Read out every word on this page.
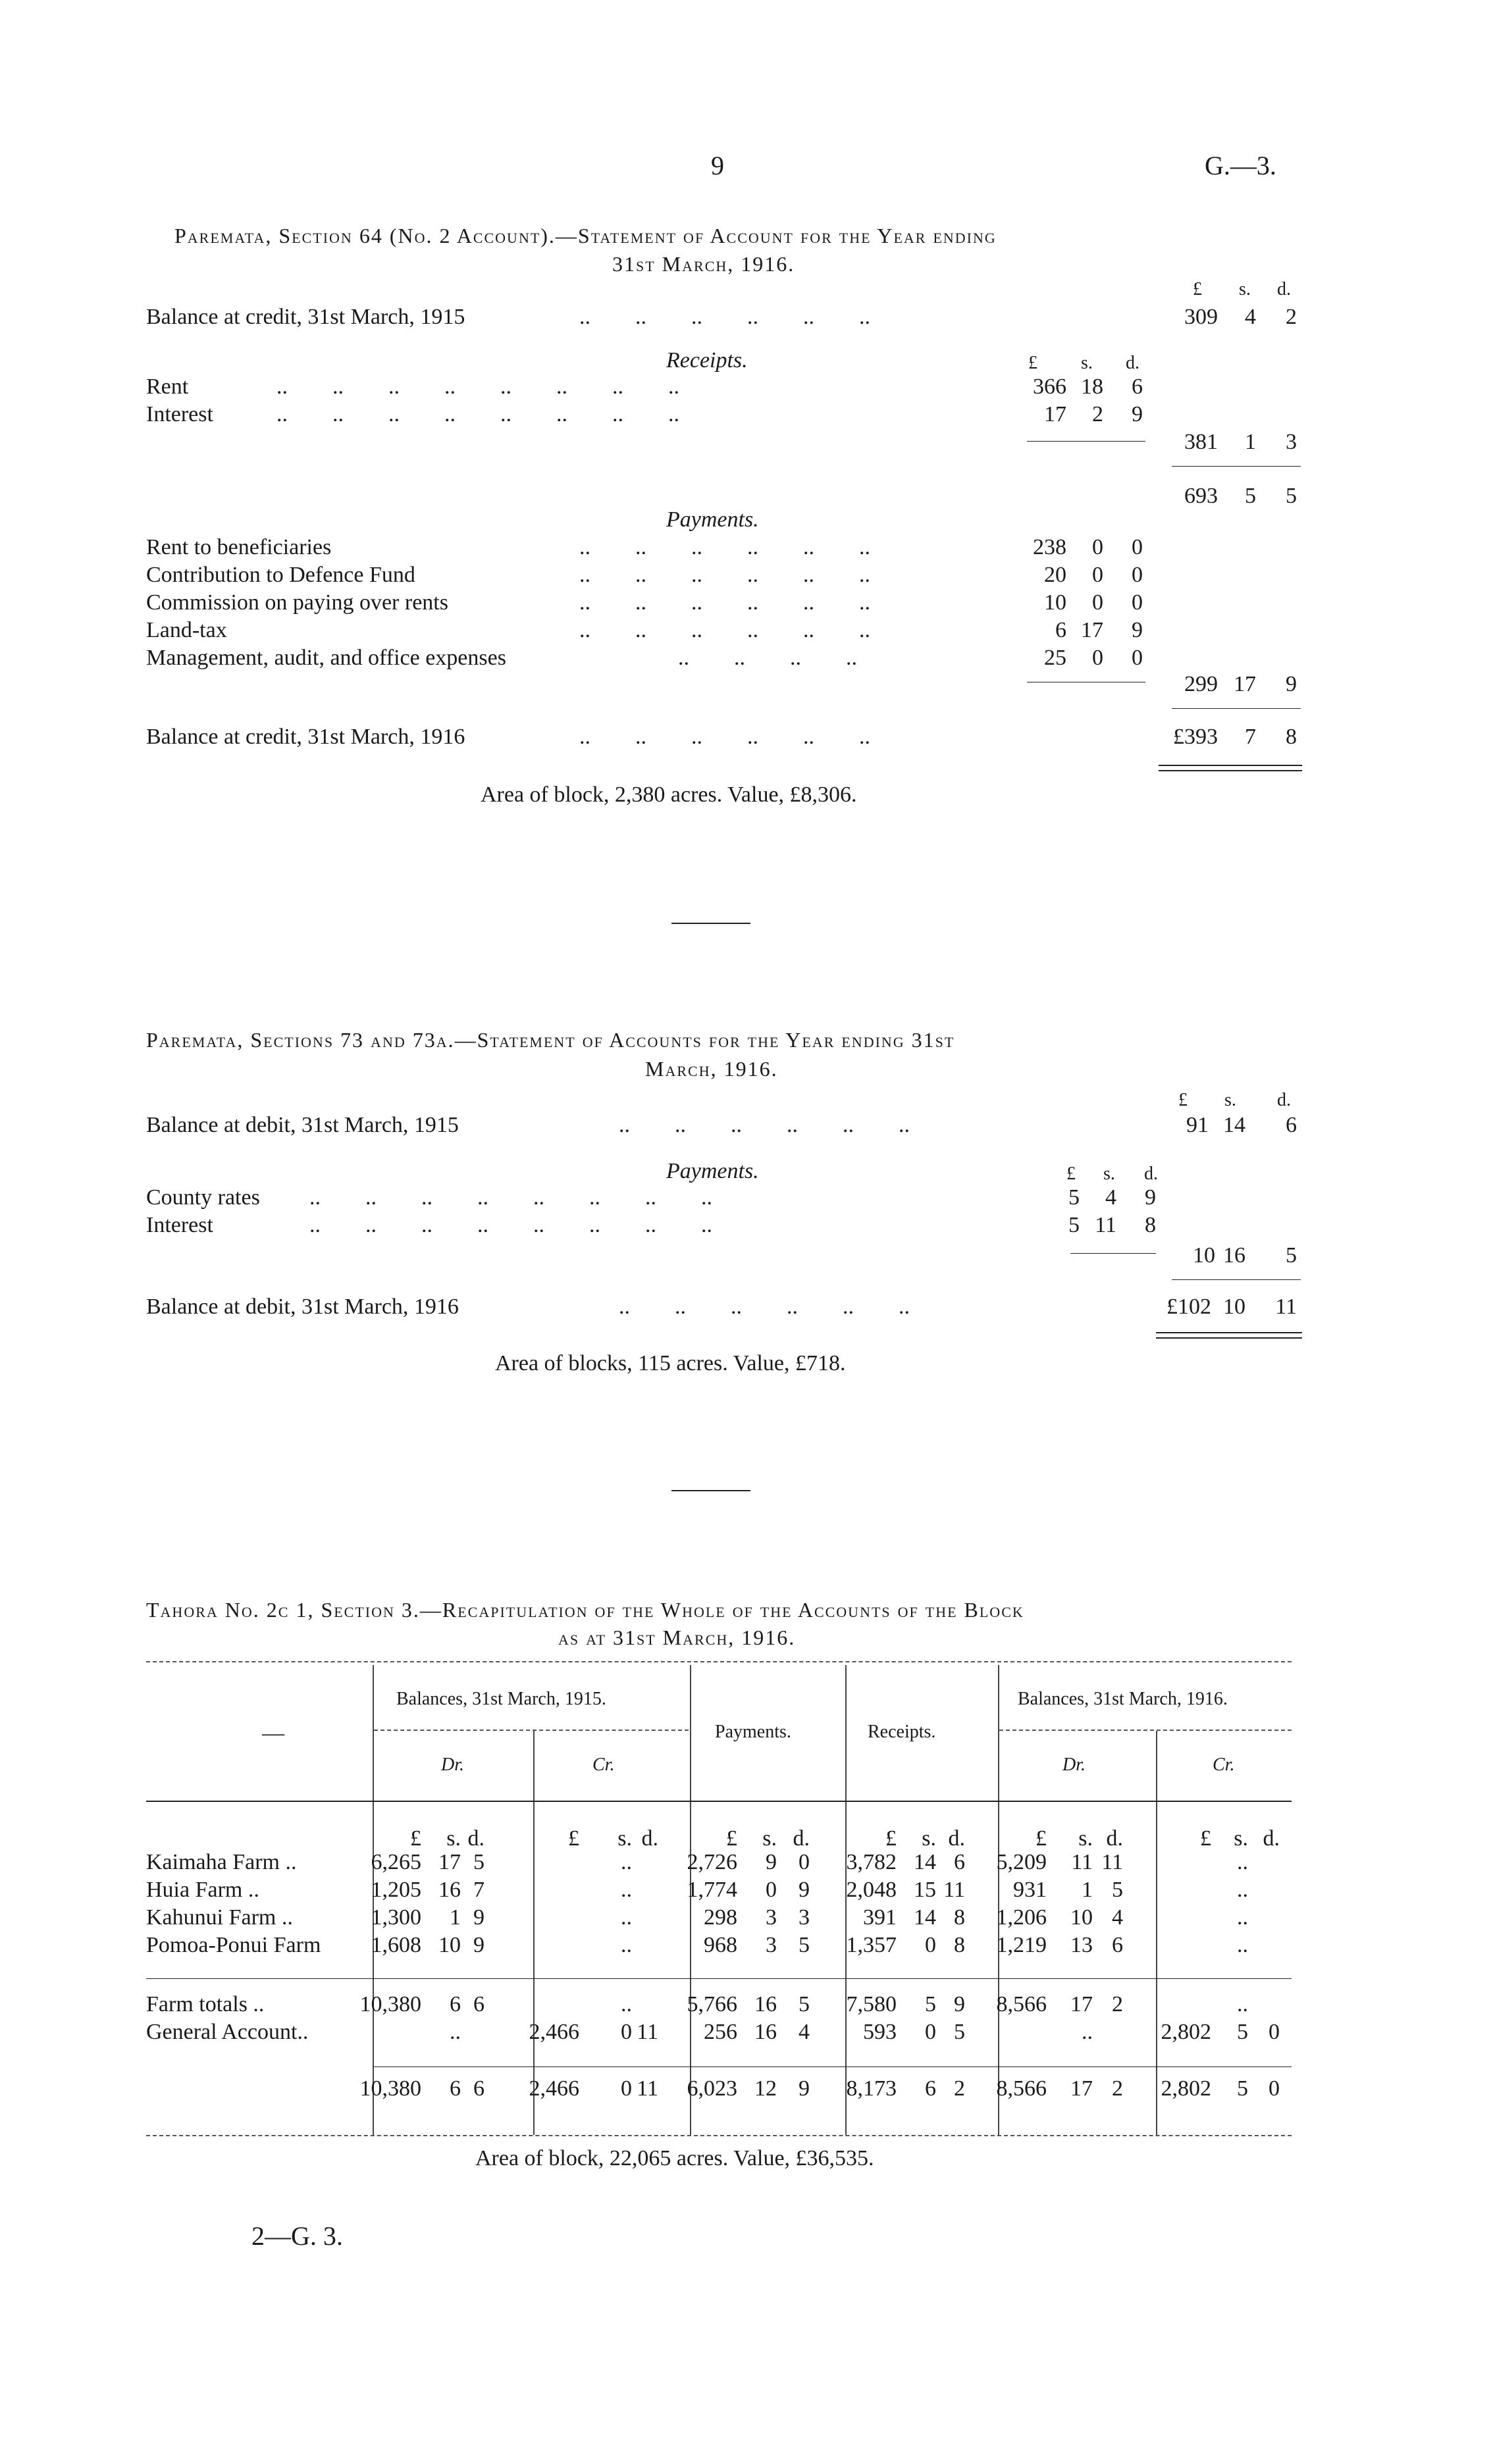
9	G.—3.
Paremata, Section 64 (No. 2 Account).—Statement of Account for the Year ending
31st March, 1916.
£ s. d.
Balance at credit, 31st March, 1915	..        ..        ..        ..        ..        ..	309	4	2
Receipts.	£ s. d.
Rent	..        ..        ..        ..        ..        ..        ..        ..	366 18	6
Interest	..        ..        ..        ..        ..        ..        ..        ..	17	2	9
381	1	3
693	5	5
Payments.
Rent to beneficiaries	..        ..        ..        ..        ..        ..	238	0	0
Contribution to Defence Fund	..        ..        ..        ..        ..        ..	20	0	0
Commission on paying over rents	..        ..        ..        ..        ..        ..	10	0	0
Land-tax	..        ..        ..        ..        ..        ..	6 17	9
Management, audit, and office expenses	..        ..        ..        ..	25	0	0
299 17	9
Balance at credit, 31st March, 1916	..        ..        ..        ..        ..        ..	£393	7	8
Area of block, 2,380 acres. Value, £8,306.
Paremata, Sections 73 and 73a.—Statement of Accounts for the Year ending 31st
March, 1916.
£ s. d.
Balance at debit, 31st March, 1915	..        ..        ..        ..        ..        ..	91 14	6
Payments.	£ s. d.
County rates ..        ..        ..        ..        ..        ..        ..        ..	5	4	9
Interest	..        ..        ..        ..        ..        ..        ..        ..	5 11	8
10 16	5
Balance at debit, 31st March, 1916	..        ..        ..        ..        ..        ..	£102 10 11
Area of blocks, 115 acres. Value, £718.
Tahora No. 2c 1, Section 3.—Recapitulation of the Whole of the Accounts of the Block
as at 31st March, 1916.
Balances, 31st March, 1915.	Balances, 31st March, 1916.
—	Payments.	Receipts.
Dr.	Cr.	Dr.	Cr.
£	s. d.	£	s. d.	£	s. d.	£	s. d.	£	s. d.	£	s. d.
Kaimaha Farm ..	6,265 17 5	..	2,726	9 0	3,782 14 6	5,209	11 11	..
Huia Farm ..	1,205 16 7	..	1,774	0 9	2,048 15 11	931	1 5	..
Kahunui Farm ..	1,300	1 9	..	298	3 3	391 14 8	1,206	10 4	..
Pomoa-Ponui Farm	1,608 10 9	..	968	3 5	1,357	0 8	1,219	13 6	..
Farm totals ..	10,380	6 6	..	5,766 16 5	7,580	5 9	8,566	17 2	..
General Account..	..	2,466	0 11	256 16 4	593	0 5	..	2,802	5 0
10,380	6 6	2,466	0 11	6,023 12 9	8,173	6 2	8,566	17 2	2,802	5 0
Area of block, 22,065 acres. Value, £36,535.
2—G. 3.
